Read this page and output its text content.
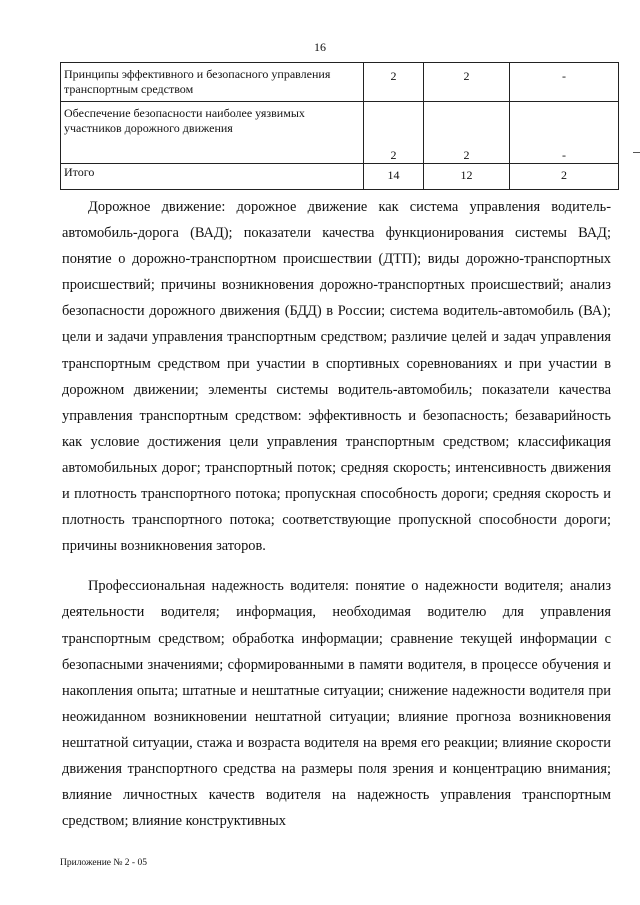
16
Принципы эффективного и безопасного управления транспортным средством	2	2	-
Обеспечение безопасности наиболее уязвимых участников дорожного движения	2	2	-
Итого	14	12	2

Дорожное движение: дорожное движение как система управления водитель-автомобиль-дорога (ВАД); показатели качества функционирования системы ВАД; понятие о дорожно-транспортном происшествии (ДТП); виды дорожно-транспортных происшествий; причины возникновения дорожно-транспортных происшествий; анализ безопасности дорожного движения (БДД) в России; система водитель-автомобиль (ВА); цели и задачи управления транспортным средством; различие целей и задач управления транспортным средством при участии в спортивных соревнованиях и при участии в дорожном движении; элементы системы водитель-автомобиль; показатели качества управления транспортным средством: эффективность и безопасность; безаварийность как условие достижения цели управления транспортным средством; классификация автомобильных дорог; транспортный поток; средняя скорость; интенсивность движения и плотность транспортного потока; пропускная способность дороги; средняя скорость и плотность транспортного потока; соответствующие пропускной способности дороги; причины возникновения заторов.

Профессиональная надежность водителя: понятие о надежности водителя; анализ деятельности водителя; информация, необходимая водителю для управления транспортным средством; обработка информации; сравнение текущей информации с безопасными значениями; сформированными в памяти водителя, в процессе обучения и накопления опыта; штатные и нештатные ситуации; снижение надежности водителя при неожиданном возникновении нештатной ситуации; влияние прогноза возникновения нештатной ситуации, стажа и возраста водителя на время его реакции; влияние скорости движения транспортного средства на размеры поля зрения и концентрацию внимания; влияние личностных качеств водителя на надежность управления транспортным средством; влияние конструктивных

Приложение № 2 - 05
